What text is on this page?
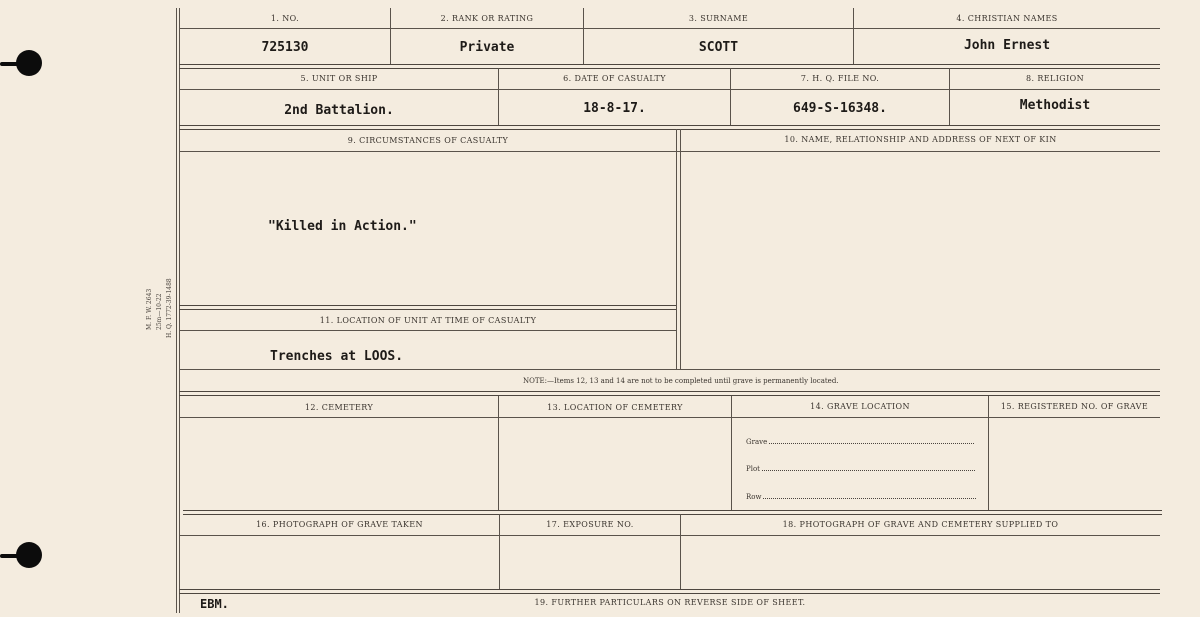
M. F. W. 2643 25m—10-22 H. Q. 1772-39-1488
1. NO.	2. RANK OR RATING	3. SURNAME	4. CHRISTIAN NAMES
725130	Private	SCOTT	John Ernest
5. UNIT OR SHIP	6. DATE OF CASUALTY	7. H. Q. FILE NO.	8. RELIGION
2nd Battalion.	18-8-17.	649-S-16348.	Methodist
9. CIRCUMSTANCES OF CASUALTY	10. NAME, RELATIONSHIP AND ADDRESS OF NEXT OF KIN
"Killed in Action."
11. LOCATION OF UNIT AT TIME OF CASUALTY
Trenches at LOOS.
NOTE:—Items 12, 13 and 14 are not to be completed until grave is permanently located.
12. CEMETERY	13. LOCATION OF CEMETERY	14. GRAVE LOCATION	15. REGISTERED NO. OF GRAVE
Grave
Plot
Row
16. PHOTOGRAPH OF GRAVE TAKEN	17. EXPOSURE NO.	18. PHOTOGRAPH OF GRAVE AND CEMETERY SUPPLIED TO
EBM.	19. FURTHER PARTICULARS ON REVERSE SIDE OF SHEET.
